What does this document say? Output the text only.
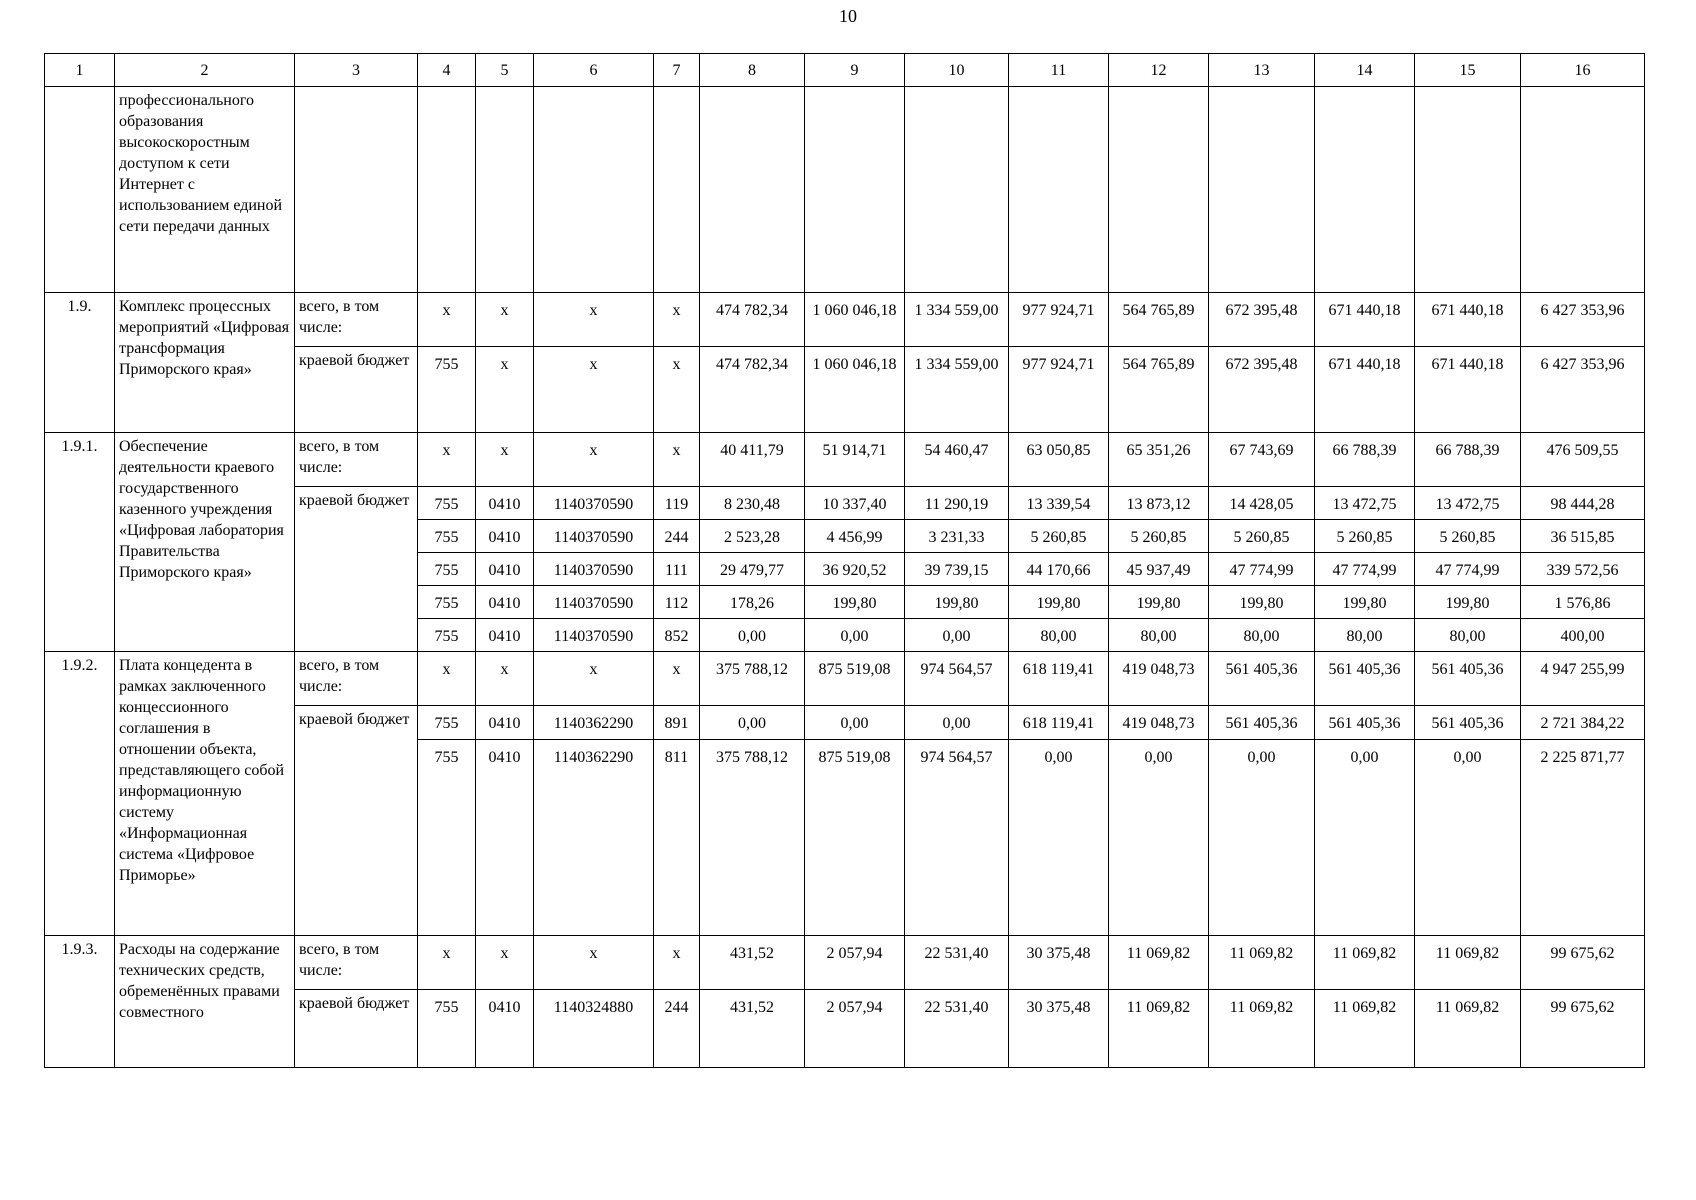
10
1	2	3	4	5	6	7	8	9	10	11	12	13	14	15	16
	профессионального образования высокоскоростным доступом к сети Интернет с использованием единой сети передачи данных														
1.9.	Комплекс процессных мероприятий «Цифровая трансформация Приморского края»	всего, в том числе:	х	х	х	х	474 782,34	1 060 046,18	1 334 559,00	977 924,71	564 765,89	672 395,48	671 440,18	671 440,18	6 427 353,96
		краевой бюджет	755	х	х	х	474 782,34	1 060 046,18	1 334 559,00	977 924,71	564 765,89	672 395,48	671 440,18	671 440,18	6 427 353,96
1.9.1.	Обеспечение деятельности краевого государственного казенного учреждения «Цифровая лаборатория Правительства Приморского края»	всего, в том числе:	х	х	х	х	40 411,79	51 914,71	54 460,47	63 050,85	65 351,26	67 743,69	66 788,39	66 788,39	476 509,55
		краевой бюджет	755	0410	1140370590	119	8 230,48	10 337,40	11 290,19	13 339,54	13 873,12	14 428,05	13 472,75	13 472,75	98 444,28
			755	0410	1140370590	244	2 523,28	4 456,99	3 231,33	5 260,85	5 260,85	5 260,85	5 260,85	5 260,85	36 515,85
			755	0410	1140370590	111	29 479,77	36 920,52	39 739,15	44 170,66	45 937,49	47 774,99	47 774,99	47 774,99	339 572,56
			755	0410	1140370590	112	178,26	199,80	199,80	199,80	199,80	199,80	199,80	199,80	1 576,86
			755	0410	1140370590	852	0,00	0,00	0,00	80,00	80,00	80,00	80,00	80,00	400,00
1.9.2.	Плата концедента в рамках заключенного концессионного соглашения в отношении объекта, представляющего собой информационную систему «Информационная система «Цифровое Приморье»	всего, в том числе:	х	х	х	х	375 788,12	875 519,08	974 564,57	618 119,41	419 048,73	561 405,36	561 405,36	561 405,36	4 947 255,99
		краевой бюджет	755	0410	1140362290	891	0,00	0,00	0,00	618 119,41	419 048,73	561 405,36	561 405,36	561 405,36	2 721 384,22
			755	0410	1140362290	811	375 788,12	875 519,08	974 564,57	0,00	0,00	0,00	0,00	0,00	2 225 871,77
1.9.3.	Расходы на содержание технических средств, обременённых правами совместного	всего, в том числе:	х	х	х	х	431,52	2 057,94	22 531,40	30 375,48	11 069,82	11 069,82	11 069,82	11 069,82	99 675,62
		краевой бюджет	755	0410	1140324880	244	431,52	2 057,94	22 531,40	30 375,48	11 069,82	11 069,82	11 069,82	11 069,82	99 675,62
